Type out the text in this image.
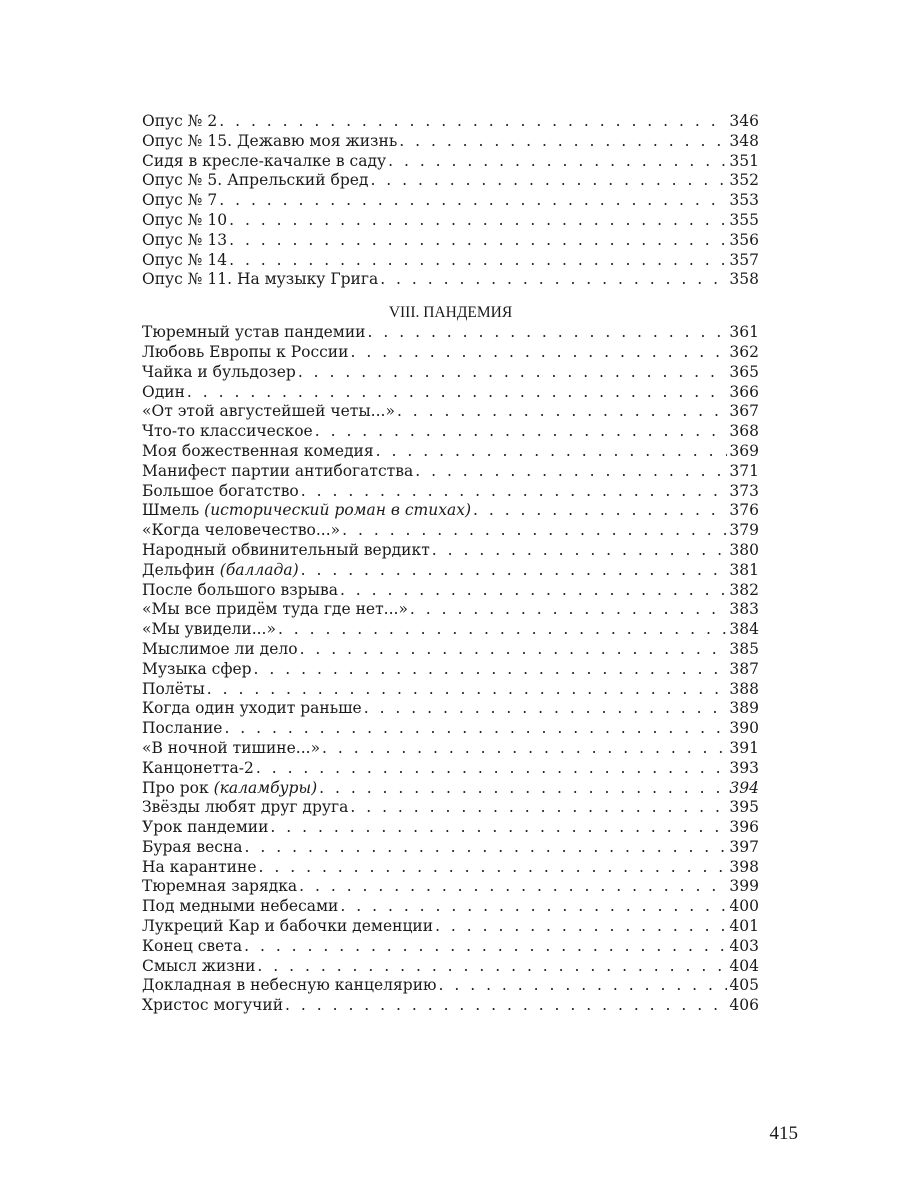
Опус № 2 . . .	346
Опус № 15. Дежавю моя жизнь . . .	348
Сидя в кресле-качалке в саду . . .	351
Опус № 5. Апрельский бред . . .	352
Опус № 7 . . .	353
Опус № 10 . . .	355
Опус № 13 . . .	356
Опус № 14 . . .	357
Опус № 11. На музыку Грига . . .	358
VIII. ПАНДЕМИЯ
Тюремный устав пандемии . . .	361
Любовь Европы к России . . .	362
Чайка и бульдозер . . .	365
Один . . .	366
«От этой августейшей четы...» . . .	367
Что-то классическое . . .	368
Моя божественная комедия . . .	369
Манифест партии антибогатства . . .	371
Большое богатство . . .	373
Шмель (исторический роман в стихах) . . .	376
«Когда человечество...» . . .	379
Народный обвинительный вердикт . . .	380
Дельфин (баллада) . . .	381
После большого взрыва . . .	382
«Мы все придём туда где нет...» . . .	383
«Мы увидели...» . . .	384
Мыслимое ли дело . . .	385
Музыка сфер . . .	387
Полёты . . .	388
Когда один уходит раньше . . .	389
Послание . . .	390
«В ночной тишине...» . . .	391
Канцонетта-2 . . .	393
Про рок (каламбуры) . . .	394
Звёзды любят друг друга . . .	395
Урок пандемии . . .	396
Бурая весна . . .	397
На карантине . . .	398
Тюремная зарядка . . .	399
Под медными небесами . . .	400
Лукреций Кар и бабочки деменции . . .	401
Конец света . . .	403
Смысл жизни . . .	404
Докладная в небесную канцелярию . . .	405
Христос могучий . . .	406
415
